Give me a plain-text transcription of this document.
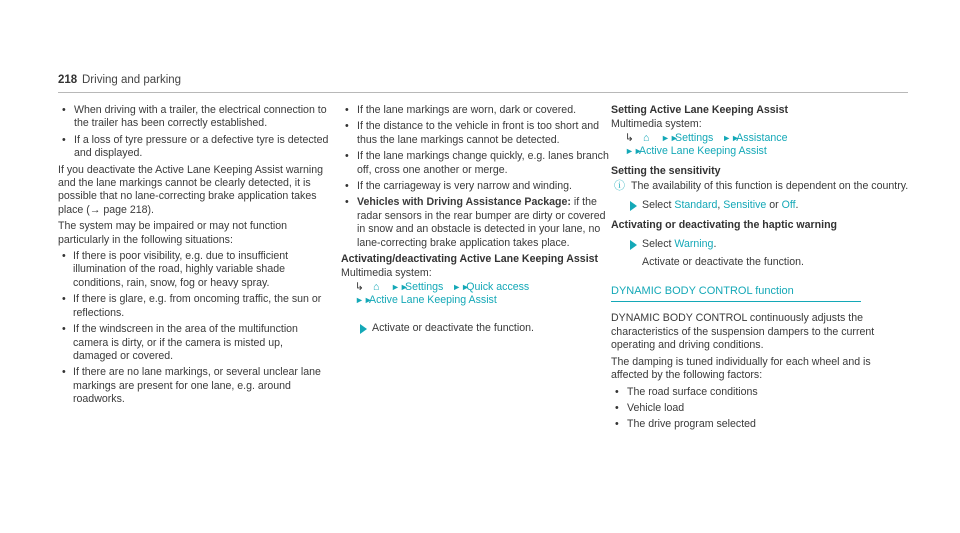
218 Driving and parking
• When driving with a trailer, the electrical connection to the trailer has been correctly established.
• If a loss of tyre pressure or a defective tyre is detected and displayed.

If you deactivate the Active Lane Keeping Assist warning and the lane markings cannot be clearly detected, it is possible that no lane-correcting brake application takes place (→ page 218).

The system may be impaired or may not function particularly in the following situations:

• If there is poor visibility, e.g. due to insufficient illumination of the road, highly variable shade conditions, rain, snow, fog or heavy spray.
• If there is glare, e.g. from oncoming traffic, the sun or reflections.
• If the windscreen in the area of the multifunction camera is dirty, or if the camera is misted up, damaged or covered.
• If there are no lane markings, or several unclear lane markings are present for one lane, e.g. around roadworks.
• If the lane markings are worn, dark or covered.
• If the distance to the vehicle in front is too short and thus the lane markings cannot be detected.
• If the lane markings change quickly, e.g. lanes branch off, cross one another or merge.
• If the carriageway is very narrow and winding.
• Vehicles with Driving Assistance Package: if the radar sensors in the rear bumper are dirty or covered in snow and an obstacle is detected in your lane, no lane-correcting brake application takes place.
Activating/deactivating Active Lane Keeping Assist

Multimedia system:

↳ ⌂ ►►Settings ►►Quick access

►►Active Lane Keeping Assist

Activate or deactivate the function.
Setting Active Lane Keeping Assist

Multimedia system:

↳ ⌂ ►►Settings ►►Assistance

►►Active Lane Keeping Assist

Setting the sensitivity
ⓘ The availability of this function is dependent on the country.
Select Standard, Sensitive or Off.
Activating or deactivating the haptic warning
Select Warning.

Activate or deactivate the function.

DYNAMIC BODY CONTROL function

DYNAMIC BODY CONTROL continuously adjusts the characteristics of the suspension dampers to the current operating and driving conditions.

The damping is tuned individually for each wheel and is affected by the following factors:

• The road surface conditions
• Vehicle load
• The drive program selected
